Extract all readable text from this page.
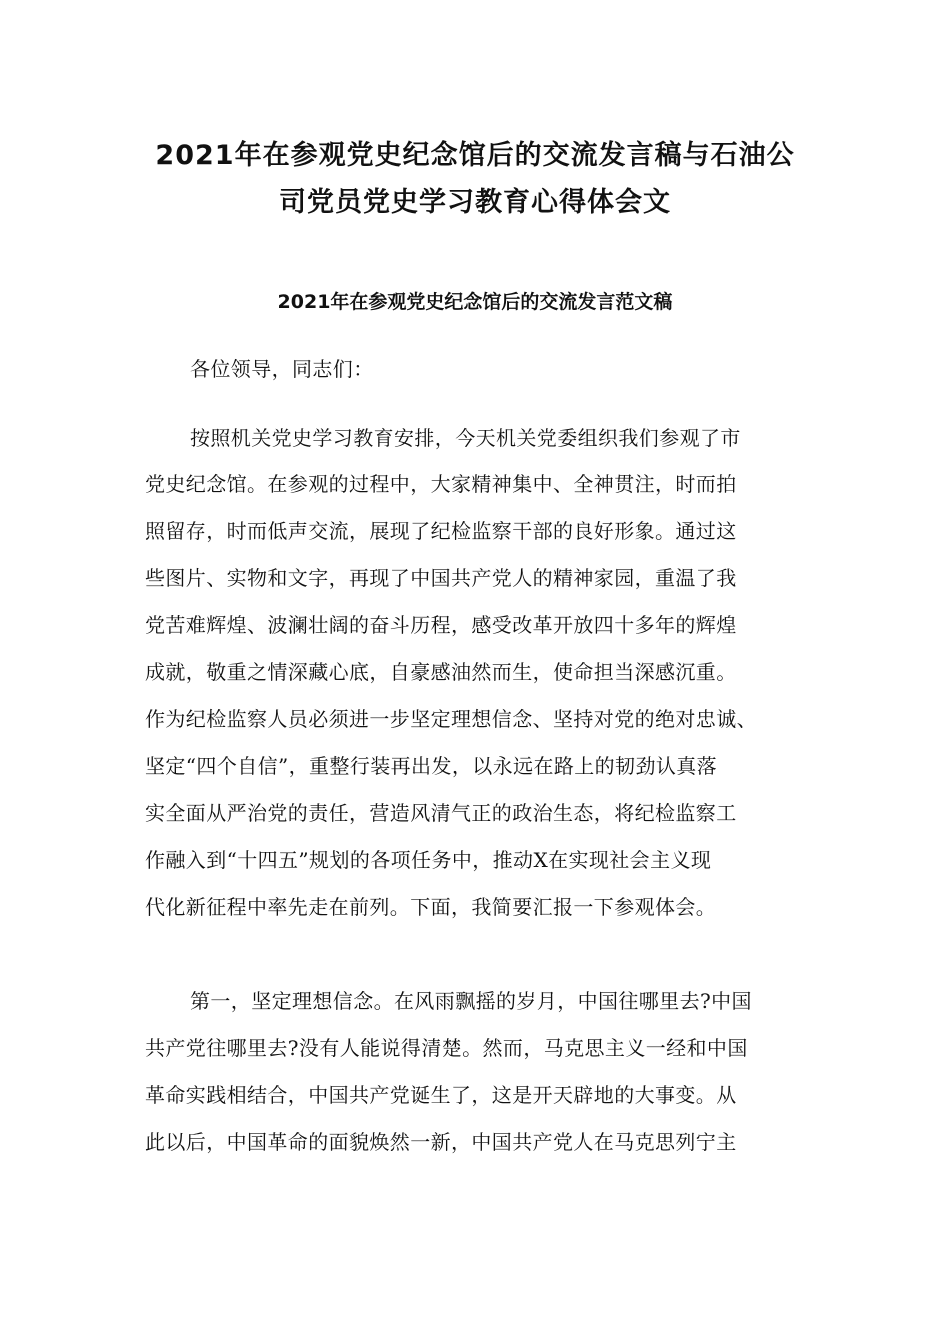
2021年在参观党史纪念馆后的交流发言稿与石油公
司党员党史学习教育心得体会文
2021年在参观党史纪念馆后的交流发言范文稿

各位领导，同志们：

按照机关党史学习教育安排，今天机关党委组织我们参观了市

党史纪念馆。在参观的过程中，大家精神集中、全神贯注，时而拍

照留存，时而低声交流，展现了纪检监察干部的良好形象。通过这

些图片、实物和文字，再现了中国共产党人的精神家园，重温了我

党苦难辉煌、波澜壮阔的奋斗历程，感受改革开放四十多年的辉煌

成就，敬重之情深藏心底，自豪感油然而生，使命担当深感沉重。

作为纪检监察人员必须进一步坚定理想信念、坚持对党的绝对忠诚、

坚定“四个自信”，重整行装再出发，以永远在路上的韧劲认真落

实全面从严治党的责任，营造风清气正的政治生态，将纪检监察工

作融入到“十四五”规划的各项任务中，推动X在实现社会主义现

代化新征程中率先走在前列。下面，我简要汇报一下参观体会。

第一，坚定理想信念。在风雨飘摇的岁月，中国往哪里去?中国

共产党往哪里去?没有人能说得清楚。然而，马克思主义一经和中国

革命实践相结合，中国共产党诞生了，这是开天辟地的大事变。从

此以后，中国革命的面貌焕然一新，中国共产党人在马克思列宁主
